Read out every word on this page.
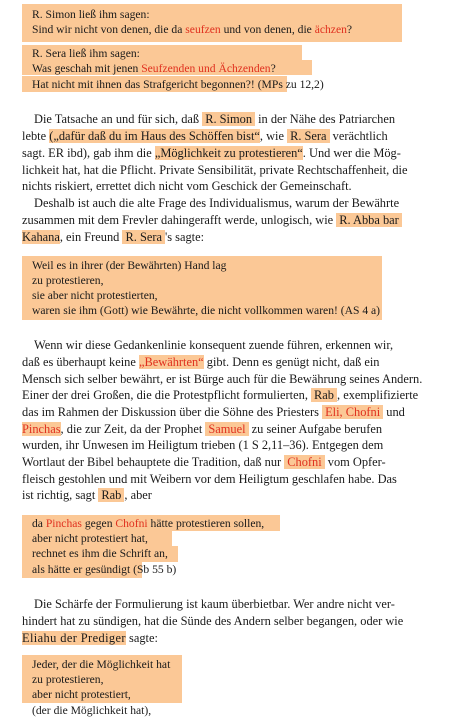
R. Simon ließ ihm sagen:
Sind wir nicht von denen, die da seufzen und von denen, die ächzen?
R. Sera ließ ihm sagen:
Was geschah mit jenen Seufzenden und Ächzenden?
Hat nicht mit ihnen das Strafgericht begonnen?! (MPs zu 12,2)
Die Tatsache an und für sich, daß R. Simon in der Nähe des Patriarchen
lebte („dafür daß du im Haus des Schöffen bist“, wie R. Sera verächtlich
sagt. ER ibd), gab ihm die „Möglichkeit zu protestieren“. Und wer die Mög-
lichkeit hat, hat die Pflicht. Private Sensibilität, private Rechtschaffenheit, die
nichts riskiert, errettet dich nicht vom Geschick der Gemeinschaft.
Deshalb ist auch die alte Frage des Individualismus, warum der Bewährte
zusammen mit dem Frevler dahingerafft werde, unlogisch, wie R. Abba bar
Kahana, ein Freund R. Sera 's sagte:
Weil es in ihrer (der Bewährten) Hand lag
zu protestieren,
sie aber nicht protestierten,
waren sie ihm (Gott) wie Bewährte, die nicht vollkommen waren! (AS 4 a)
Wenn wir diese Gedankenlinie konsequent zuende führen, erkennen wir,
daß es überhaupt keine „Bewährten“ gibt. Denn es genügt nicht, daß ein
Mensch sich selber bewährt, er ist Bürge auch für die Bewährung seines Andern.
Einer der drei Großen, die die Protestpflicht formulierten, Rab , exemplifizierte
das im Rahmen der Diskussion über die Söhne des Priesters Eli, Chofni und
Pinchas, die zur Zeit, da der Prophet Samuel zu seiner Aufgabe berufen
wurden, ihr Unwesen im Heiligtum trieben (1 S 2,11–36). Entgegen dem
Wortlaut der Bibel behauptete die Tradition, daß nur Chofni vom Opfer-
fleisch gestohlen und mit Weibern vor dem Heiligtum geschlafen habe. Das
ist richtig, sagt Rab , aber
da Pinchas gegen Chofni hätte protestieren sollen,
aber nicht protestiert hat,
rechnet es ihm die Schrift an,
als hätte er gesündigt (Sb 55 b)
Die Schärfe der Formulierung ist kaum überbietbar. Wer andre nicht ver-
hindert hat zu sündigen, hat die Sünde des Andern selber begangen, oder wie
Eliahu der Prediger sagte:
Jeder, der die Möglichkeit hat
zu protestieren,
aber nicht protestiert,
(der die Möglichkeit hat),
